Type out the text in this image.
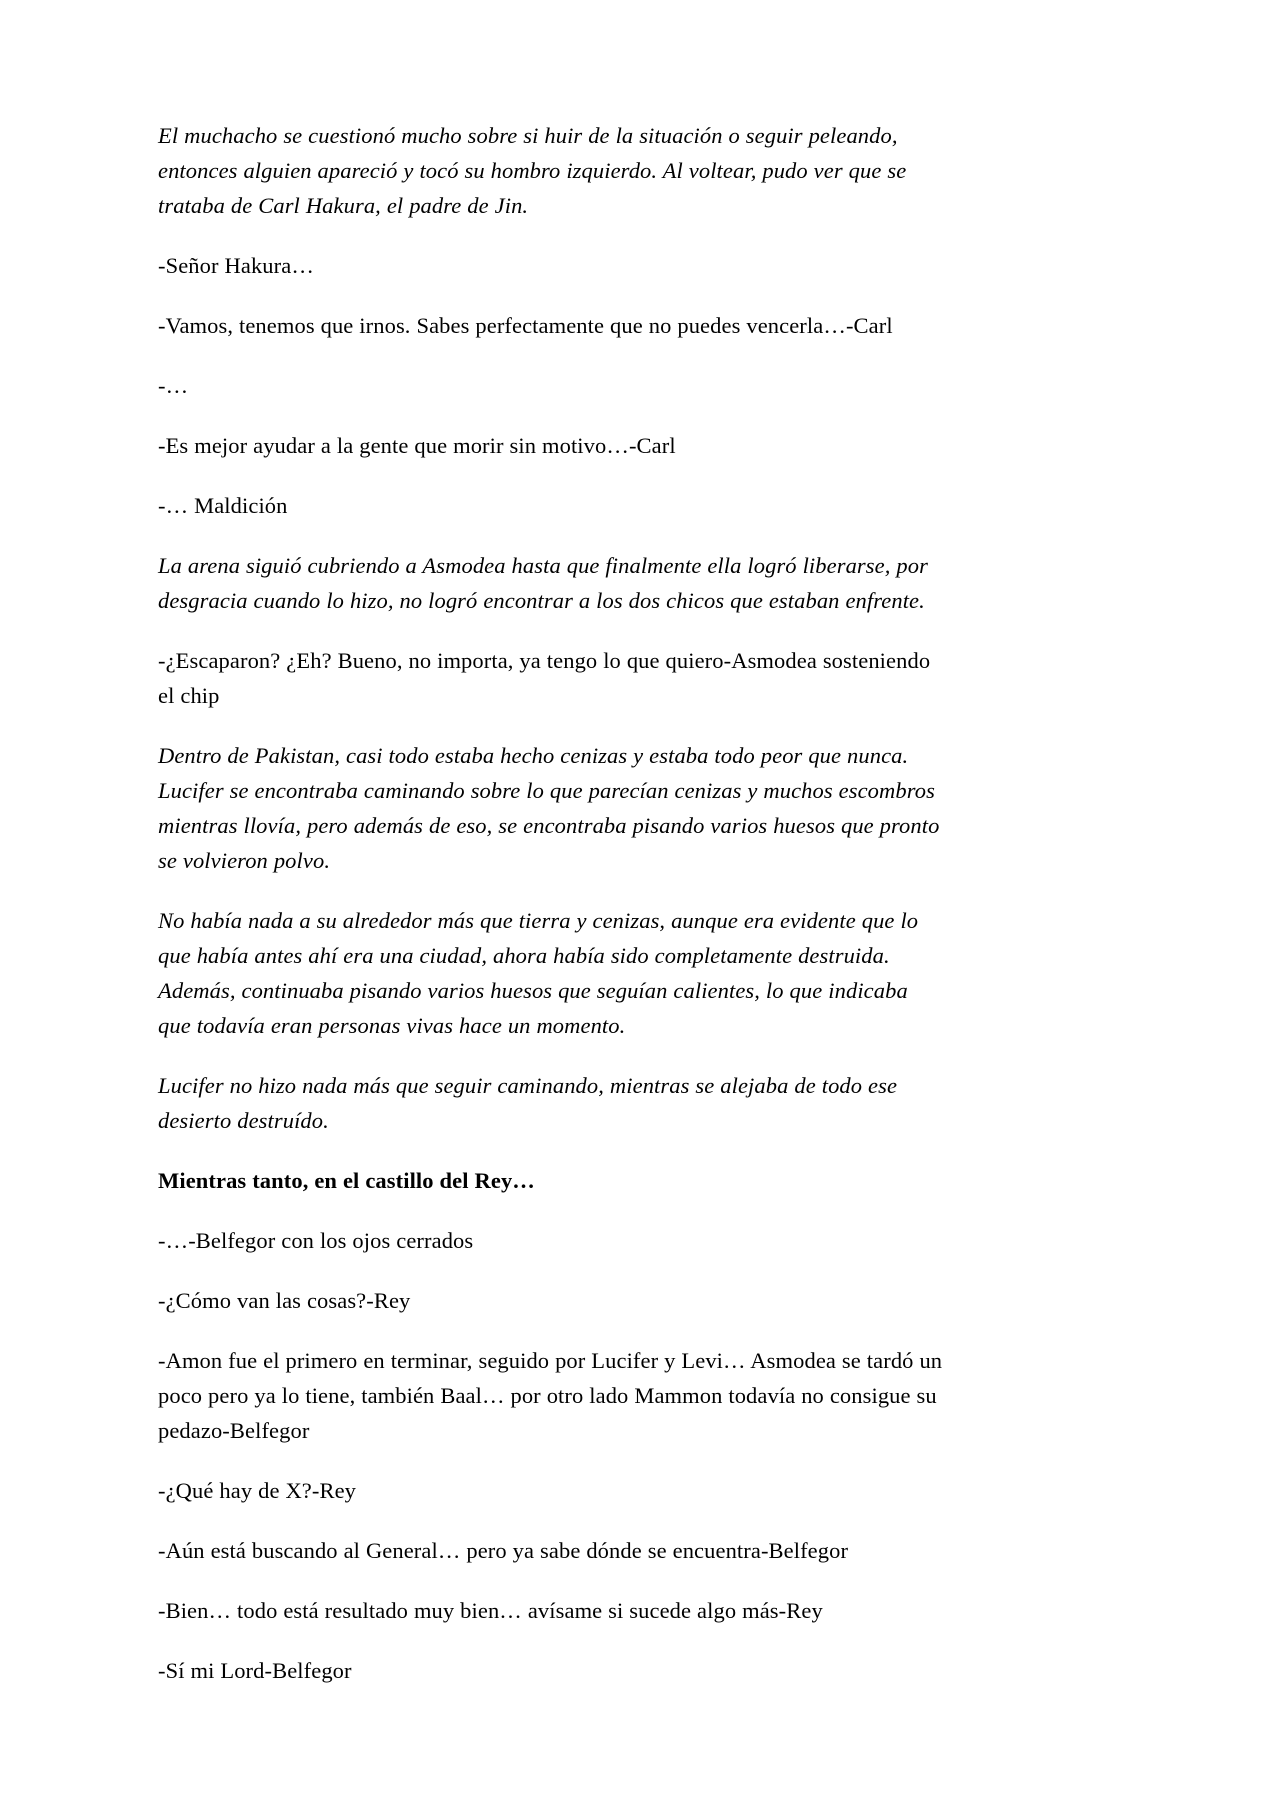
El muchacho se cuestionó mucho sobre si huir de la situación o seguir peleando, entonces alguien apareció y tocó su hombro izquierdo. Al voltear, pudo ver que se trataba de Carl Hakura, el padre de Jin.

-Señor Hakura…

-Vamos, tenemos que irnos. Sabes perfectamente que no puedes vencerla…-Carl

-…

-Es mejor ayudar a la gente que morir sin motivo…-Carl

-… Maldición

La arena siguió cubriendo a Asmodea hasta que finalmente ella logró liberarse, por desgracia cuando lo hizo, no logró encontrar a los dos chicos que estaban enfrente.

-¿Escaparon? ¿Eh? Bueno, no importa, ya tengo lo que quiero-Asmodea sosteniendo el chip

Dentro de Pakistan, casi todo estaba hecho cenizas y estaba todo peor que nunca. Lucifer se encontraba caminando sobre lo que parecían cenizas y muchos escombros mientras llovía, pero además de eso, se encontraba pisando varios huesos que pronto se volvieron polvo.

No había nada a su alrededor más que tierra y cenizas, aunque era evidente que lo que había antes ahí era una ciudad, ahora había sido completamente destruida. Además, continuaba pisando varios huesos que seguían calientes, lo que indicaba que todavía eran personas vivas hace un momento.

Lucifer no hizo nada más que seguir caminando, mientras se alejaba de todo ese desierto destruído.

Mientras tanto, en el castillo del Rey…

-…-Belfegor con los ojos cerrados

-¿Cómo van las cosas?-Rey

-Amon fue el primero en terminar, seguido por Lucifer y Levi… Asmodea se tardó un poco pero ya lo tiene, también Baal… por otro lado Mammon todavía no consigue su pedazo-Belfegor

-¿Qué hay de X?-Rey

-Aún está buscando al General… pero ya sabe dónde se encuentra-Belfegor

-Bien… todo está resultado muy bien… avísame si sucede algo más-Rey

-Sí mi Lord-Belfegor
